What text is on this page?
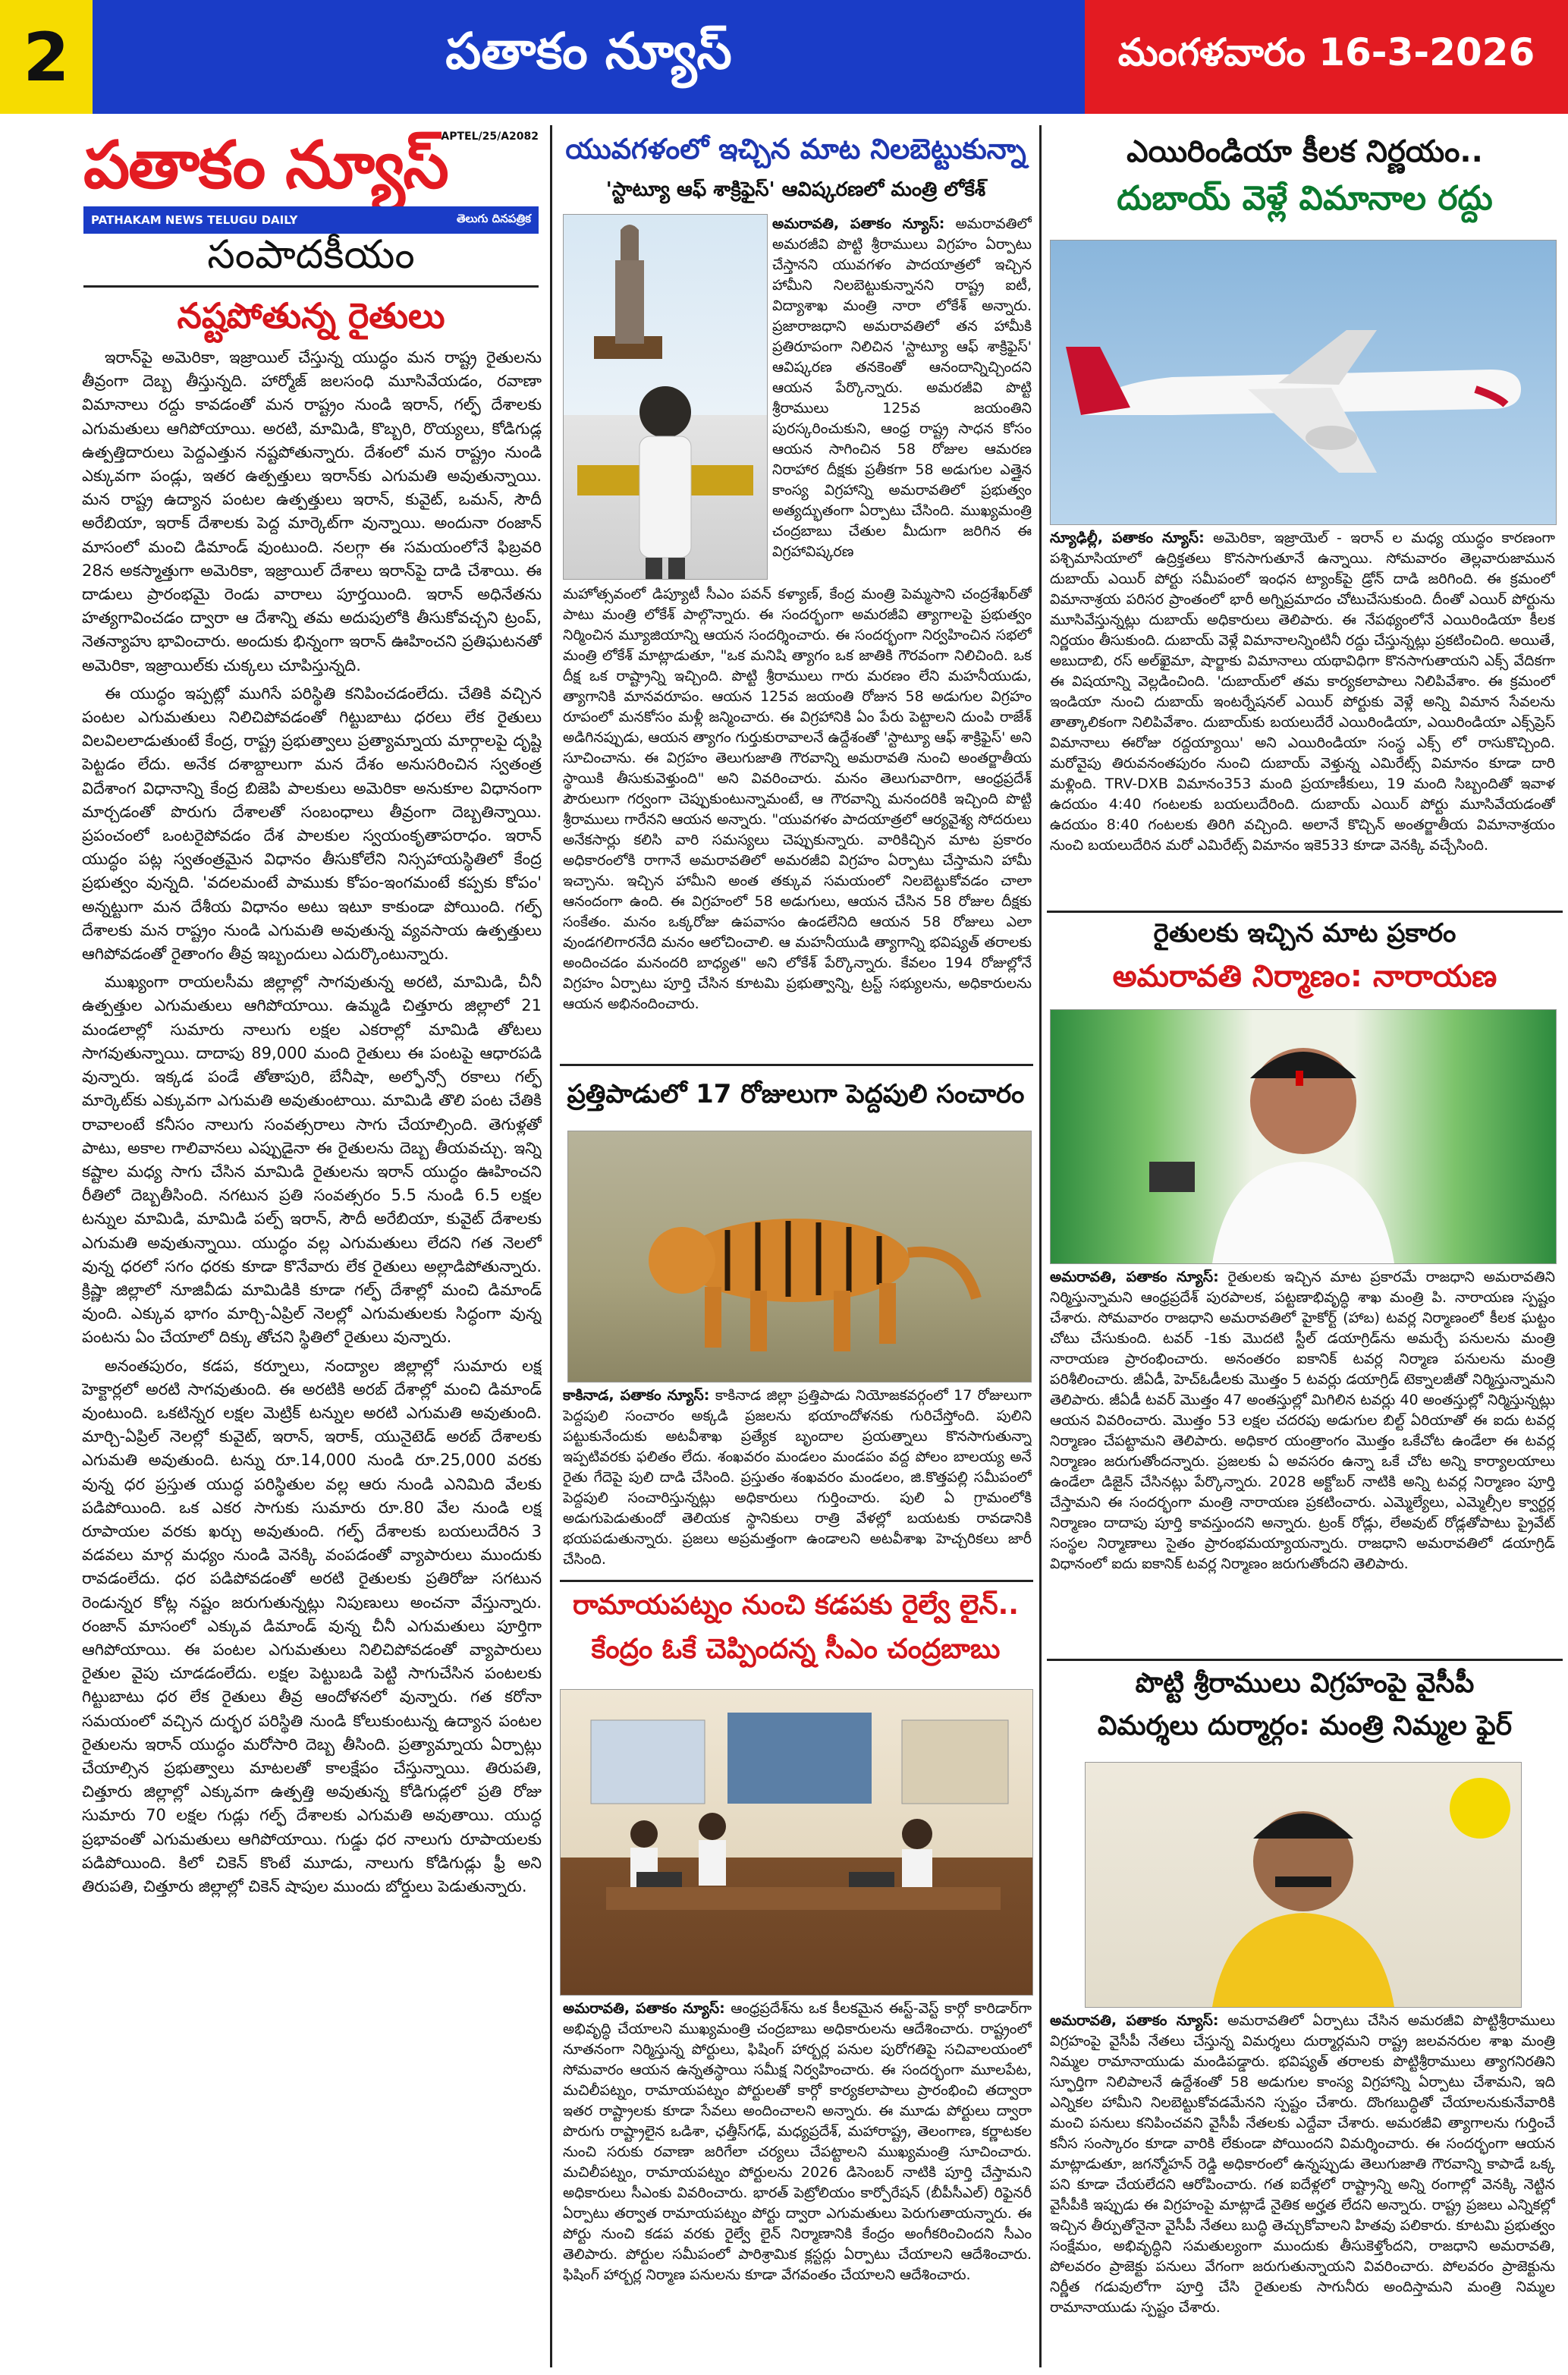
2	పతాకం న్యూస్	మంగళవారం 16-3-2026
పతాకం న్యూస్
APTEL/25/A2082
PATHAKAM NEWS TELUGU DAILY	తెలుగు దినపత్రిక
సంపాదకీయం
నష్టపోతున్న రైతులు

ఇరాన్‌పై అమెరికా, ఇజ్రాయిల్ చేస్తున్న యుద్ధం మన రాష్ట్ర రైతులను తీవ్రంగా దెబ్బ తీస్తున్నది. హార్మోజ్ జలసంధి మూసివేయడం, రవాణా విమానాలు రద్దు కావడంతో మన రాష్ట్రం నుండి ఇరాన్, గల్ఫ్ దేశాలకు ఎగుమతులు ఆగిపోయాయి. అరటి, మామిడి, కొబ్బరి, రొయ్యలు, కోడిగుడ్ల ఉత్పత్తిదారులు పెద్దఎత్తున నష్టపోతున్నారు. దేశంలో మన రాష్ట్రం నుండి ఎక్కువగా పండ్లు, ఇతర ఉత్పత్తులు ఇరాన్‌కు ఎగుమతి అవుతున్నాయి. మన రాష్ట్ర ఉద్యాన పంటల ఉత్పత్తులు ఇరాన్, కువైట్, ఒమన్, సౌదీ అరేబియా, ఇరాక్ దేశాలకు పెద్ద మార్కెట్‌గా వున్నాయి. అందునా రంజాన్ మాసంలో మంచి డిమాండ్ వుంటుంది. నలగ్గా ఈ సమయంలోనే ఫిబ్రవరి 28న అకస్మాత్తుగా అమెరికా, ఇజ్రాయిల్ దేశాలు ఇరాన్‌పై దాడి చేశాయి. ఈ దాడులు ప్రారంభమై రెండు వారాలు పూర్తయింది. ఇరాన్ అధినేతను హత్యగావించడం ద్వారా ఆ దేశాన్ని తమ అదుపులోకి తీసుకోవచ్చని ట్రంప్, నెతన్యాహు భావించారు. అందుకు భిన్నంగా ఇరాన్ ఊహించని ప్రతిఘటనతో అమెరికా, ఇజ్రాయిల్‌కు చుక్కలు చూపిస్తున్నది.

ఈ యుద్ధం ఇప్పట్లో ముగిసే పరిస్థితి కనిపించడంలేదు. చేతికి వచ్చిన పంటల ఎగుమతులు నిలిచిపోవడంతో గిట్టుబాటు ధరలు లేక రైతులు విలవిలలాడుతుంటే కేంద్ర, రాష్ట్ర ప్రభుత్వాలు ప్రత్యామ్నాయ మార్గాలపై దృష్టి పెట్టడం లేదు. అనేక దశాబ్దాలుగా మన దేశం అనుసరించిన స్వతంత్ర విదేశాంగ విధానాన్ని కేంద్ర బిజెపి పాలకులు అమెరికా అనుకూల విధానంగా మార్చడంతో పొరుగు దేశాలతో సంబంధాలు తీవ్రంగా దెబ్బతిన్నాయి. ప్రపంచంలో ఒంటరైపోవడం దేశ పాలకుల స్వయంకృతాపరాధం. ఇరాన్ యుద్ధం పట్ల స్వతంత్రమైన విధానం తీసుకోలేని నిస్సహాయస్థితిలో కేంద్ర ప్రభుత్వం వున్నది. 'వదలమంటే పాముకు కోపం-ఇంగమంటే కప్పకు కోపం' అన్నట్టుగా మన దేశీయ విధానం అటు ఇటూ కాకుండా పోయింది. గల్ఫ్ దేశాలకు మన రాష్ట్రం నుండి ఎగుమతి అవుతున్న వ్యవసాయ ఉత్పత్తులు ఆగిపోవడంతో రైతాంగం తీవ్ర ఇబ్బందులు ఎదుర్కొంటున్నారు.

ముఖ్యంగా రాయలసీమ జిల్లాల్లో సాగవుతున్న అరటి, మామిడి, చీనీ ఉత్పత్తుల ఎగుమతులు ఆగిపోయాయి. ఉమ్మడి చిత్తూరు జిల్లాలో 21 మండలాల్లో సుమారు నాలుగు లక్షల ఎకరాల్లో మామిడి తోటలు సాగవుతున్నాయి. దాదాపు 89,000 మంది రైతులు ఈ పంటపై ఆధారపడి వున్నారు. ఇక్కడ పండే తోతాపురి, బేనీషా, అల్ఫోన్సో రకాలు గల్ఫ్ మార్కెట్‌కు ఎక్కువగా ఎగుమతి అవుతుంటాయి. మామిడి తొలి పంట చేతికి రావాలంటే కనీసం నాలుగు సంవత్సరాలు సాగు చేయాల్సింది. తెగుళ్లతో పాటు, అకాల గాలివానలు ఎప్పుడైనా ఈ రైతులను దెబ్బ తీయవచ్చు. ఇన్ని కష్టాల మధ్య సాగు చేసిన మామిడి రైతులను ఇరాన్ యుద్ధం ఊహించని రీతిలో దెబ్బతీసింది. నగటున ప్రతి సంవత్సరం 5.5 నుండి 6.5 లక్షల టన్నుల మామిడి, మామిడి పల్ప్ ఇరాన్, సౌదీ అరేబియా, కువైట్ దేశాలకు ఎగుమతి అవుతున్నాయి. యుద్ధం వల్ల ఎగుమతులు లేదని గత నెలలో వున్న ధరలో సగం ధరకు కూడా కొనేవారు లేక రైతులు అల్లాడిపోతున్నారు. క్రిష్ణా జిల్లాలో నూజివీడు మామిడికి కూడా గల్ఫ్ దేశాల్లో మంచి డిమాండ్ వుంది. ఎక్కువ భాగం మార్చి-ఏప్రిల్ నెలల్లో ఎగుమతులకు సిద్ధంగా వున్న పంటను ఏం చేయాలో దిక్కు తోచని స్థితిలో రైతులు వున్నారు.

అనంతపురం, కడప, కర్నూలు, నంద్యాల జిల్లాల్లో సుమారు లక్ష హెక్టార్లలో అరటి సాగవుతుంది. ఈ అరటికి అరబ్ దేశాల్లో మంచి డిమాండ్ వుంటుంది. ఒకటిన్నర లక్షల మెట్రిక్ టన్నుల అరటి ఎగుమతి అవుతుంది. మార్చి-ఏప్రిల్ నెలల్లో కువైట్, ఇరాన్, ఇరాక్, యునైటెడ్ అరబ్ దేశాలకు ఎగుమతి అవుతుంది. టన్ను రూ.14,000 నుండి రూ.25,000 వరకు వున్న ధర ప్రస్తుత యుద్ధ పరిస్థితుల వల్ల ఆరు నుండి ఎనిమిది వేలకు పడిపోయింది. ఒక ఎకర సాగుకు సుమారు రూ.80 వేల నుండి లక్ష రూపాయల వరకు ఖర్చు అవుతుంది. గల్ఫ్ దేశాలకు బయలుదేరిన 3 వడవలు మార్గ మధ్యం నుండి వెనక్కి వంపడంతో వ్యాపారులు ముందుకు రావడంలేదు. ధర పడిపోవడంతో అరటి రైతులకు ప్రతిరోజు సగటున రెండున్నర కోట్ల నష్టం జరుగుతున్నట్లు నిపుణులు అంచనా వేస్తున్నారు. రంజాన్ మాసంలో ఎక్కువ డిమాండ్ వున్న చీనీ ఎగుమతులు పూర్తిగా ఆగిపోయాయి. ఈ పంటల ఎగుమతులు నిలిచిపోవడంతో వ్యాపారులు రైతుల వైపు చూడడంలేదు. లక్షల పెట్టుబడి పెట్టి సాగుచేసిన పంటలకు గిట్టుబాటు ధర లేక రైతులు తీవ్ర ఆందోళనలో వున్నారు. గత కరోనా సమయంలో వచ్చిన దుర్భర పరిస్థితి నుండి కోలుకుంటున్న ఉద్యాన పంటల రైతులను ఇరాన్ యుద్ధం మరోసారి దెబ్బ తీసింది. ప్రత్యామ్నాయ ఏర్పాట్లు చేయాల్సిన ప్రభుత్వాలు మాటలతో కాలక్షేపం చేస్తున్నాయి. తిరుపతి, చిత్తూరు జిల్లాల్లో ఎక్కువగా ఉత్పత్తి అవుతున్న కోడిగుడ్లలో ప్రతి రోజు సుమారు 70 లక్షల గుడ్లు గల్ఫ్ దేశాలకు ఎగుమతి అవుతాయి. యుద్ధ ప్రభావంతో ఎగుమతులు ఆగిపోయాయి. గుడ్డు ధర నాలుగు రూపాయలకు పడిపోయింది. కిలో చికెన్ కొంటే మూడు, నాలుగు కోడిగుడ్లు ఫ్రీ అని తిరుపతి, చిత్తూరు జిల్లాల్లో చికెన్ షాపుల ముందు బోర్డులు పెడుతున్నారు.

యువగళంలో ఇచ్చిన మాట నిలబెట్టుకున్నా
'స్టాట్యూ ఆఫ్ శాక్రిఫైస్' ఆవిష్కరణలో మంత్రి లోకేశ్
అమరావతి, పతాకం న్యూస్: అమరావతిలో అమరజీవి పొట్టి శ్రీరాములు విగ్రహం ఏర్పాటు చేస్తానని యువగళం పాదయాత్రలో ఇచ్చిన హామీని నిలబెట్టుకున్నానని రాష్ట్ర ఐటీ, విద్యాశాఖ మంత్రి నారా లోకేశ్ అన్నారు. ప్రజారాజధాని అమరావతిలో తన హామీకి ప్రతిరూపంగా నిలిచిన 'స్టాట్యూ ఆఫ్ శాక్రిఫైస్' ఆవిష్కరణ తనకెంతో ఆనందాన్నిచ్చిందని ఆయన పేర్కొన్నారు. అమరజీవి పొట్టి శ్రీరాములు 125వ జయంతిని పురస్కరించుకుని, ఆంధ్ర రాష్ట్ర సాధన కోసం ఆయన సాగించిన 58 రోజుల ఆమరణ నిరాహార దీక్షకు ప్రతీకగా 58 అడుగుల ఎత్తైన కాంస్య విగ్రహాన్ని అమరావతిలో ప్రభుత్వం అత్యద్భుతంగా ఏర్పాటు చేసింది. ముఖ్యమంత్రి చంద్రబాబు చేతుల మీదుగా జరిగిన ఈ విగ్రహావిష్కరణ
మహోత్సవంలో డిప్యూటీ సీఎం పవన్ కళ్యాణ్, కేంద్ర మంత్రి పెమ్మసాని చంద్రశేఖర్‌తో పాటు మంత్రి లోకేశ్ పాల్గొన్నారు. ఈ సందర్భంగా అమరజీవి త్యాగాలపై ప్రభుత్వం నిర్మించిన మ్యూజియాన్ని ఆయన సందర్శించారు. ఈ సందర్భంగా నిర్వహించిన సభలో మంత్రి లోకేశ్ మాట్లాడుతూ, "ఒక మనిషి త్యాగం ఒక జాతికి గౌరవంగా నిలిచింది. ఒక దీక్ష ఒక రాష్ట్రాన్ని ఇచ్చింది. పొట్టి శ్రీరాములు గారు మరణం లేని మహనీయుడు, త్యాగానికి మానవరూపం. ఆయన 125వ జయంతి రోజున 58 అడుగుల విగ్రహం రూపంలో మనకోసం మళ్లీ జన్మించారు. ఈ విగ్రహానికి ఏం పేరు పెట్టాలని దుంపి రాజేశ్ అడిగినప్పుడు, ఆయన త్యాగం గుర్తుకురావాలనే ఉద్దేశంతో 'స్టాట్యూ ఆఫ్ శాక్రిఫైస్' అని సూచించాను. ఈ విగ్రహం తెలుగుజాతి గౌరవాన్ని అమరావతి నుంచి అంతర్జాతీయ స్థాయికి తీసుకువెళ్తుంది" అని వివరించారు. మనం తెలుగువారిగా, ఆంధ్రప్రదేశ్ పౌరులుగా గర్వంగా చెప్పుకుంటున్నామంటే, ఆ గౌరవాన్ని మనందరికి ఇచ్చింది పొట్టి శ్రీరాములు గారేనని ఆయన అన్నారు. "యువగళం పాదయాత్రలో ఆర్యవైశ్య సోదరులు అనేకసార్లు కలిసి వారి సమస్యలు చెప్పుకున్నారు. వారికిచ్చిన మాట ప్రకారం అధికారంలోకి రాగానే అమరావతిలో అమరజీవి విగ్రహం ఏర్పాటు చేస్తామని హామీ ఇచ్చాను. ఇచ్చిన హామీని అంత తక్కువ సమయంలో నిలబెట్టుకోవడం చాలా ఆనందంగా ఉంది. ఈ విగ్రహంలో 58 అడుగులు, ఆయన చేసిన 58 రోజుల దీక్షకు సంకేతం. మనం ఒక్కరోజు ఉపవాసం ఉండలేనిది ఆయన 58 రోజులు ఎలా వుండగలిగారనేది మనం ఆలోచించాలి. ఆ మహనీయుడి త్యాగాన్ని భవిష్యత్ తరాలకు అందించడం మనందరి బాధ్యత" అని లోకేశ్ పేర్కొన్నారు. కేవలం 194 రోజుల్లోనే విగ్రహం ఏర్పాటు పూర్తి చేసిన కూటమి ప్రభుత్వాన్ని, ట్రస్ట్ సభ్యులను, అధికారులను ఆయన అభినందించారు.
ప్రత్తిపాడులో 17 రోజులుగా పెద్దపులి సంచారం
కాకినాడ, పతాకం న్యూస్: కాకినాడ జిల్లా ప్రత్తిపాడు నియోజకవర్గంలో 17 రోజులుగా పెద్దపులి సంచారం అక్కడి ప్రజలను భయాందోళనకు గురిచేస్తోంది. పులిని పట్టుకునేందుకు అటవీశాఖ ప్రత్యేక బృందాల ప్రయత్నాలు కొనసాగుతున్నా ఇప్పటివరకు ఫలితం లేదు. శంఖవరం మండలం మండపం వద్ద పోలం బాలయ్య అనే రైతు గేదెపై పులి దాడి చేసింది. ప్రస్తుతం శంఖవరం మండలం, జి.కొత్తపల్లి సమీపంలో పెద్దపులి సంచారిస్తున్నట్లు అధికారులు గుర్తించారు. పులి ఏ గ్రామంలోకి అడుగుపెడుతుందో తెలియక స్థానికులు రాత్రి వేళల్లో బయటకు రావడానికి భయపడుతున్నారు. ప్రజలు అప్రమత్తంగా ఉండాలని అటవీశాఖ హెచ్చరికలు జారీ చేసింది.
రామాయపట్నం నుంచి కడపకు రైల్వే లైన్..
కేంద్రం ఓకే చెప్పిందన్న సీఎం చంద్రబాబు
అమరావతి, పతాకం న్యూస్: ఆంధ్రప్రదేశ్‌ను ఒక కీలకమైన ఈస్ట్-వెస్ట్ కార్గో కారిడార్‌గా అభివృద్ధి చేయాలని ముఖ్యమంత్రి చంద్రబాబు అధికారులను ఆదేశించారు. రాష్ట్రంలో నూతనంగా నిర్మిస్తున్న పోర్టులు, ఫిషింగ్ హార్బర్ల పనుల పురోగతిపై సచివాలయంలో సోమవారం ఆయన ఉన్నతస్థాయి సమీక్ష నిర్వహించారు. ఈ సందర్భంగా మూలపేట, మచిలీపట్నం, రామాయపట్నం పోర్టులతో కార్గో కార్యకలాపాలు ప్రారంభించి తద్వారా ఇతర రాష్ట్రాలకు కూడా సేవలు అందించాలని అన్నారు. ఈ మూడు పోర్టులు ద్వారా పొరుగు రాష్ట్రాలైన ఒడిశా, ఛత్తీస్‌గఢ్, మధ్యప్రదేశ్, మహారాష్ట్ర, తెలంగాణ, కర్ణాటకల నుంచి సరుకు రవాణా జరిగేలా చర్యలు చేపట్టాలని ముఖ్యమంత్రి సూచించారు. మచిలీపట్నం, రామాయపట్నం పోర్టులను 2026 డిసెంబర్ నాటికి పూర్తి చేస్తామని అధికారులు సీఎంకు వివరించారు. భారత్ పెట్రోలియం కార్పోరేషన్ (బీపీసీఎల్) రిఫైనరీ ఏర్పాటు తర్వాత రామాయపట్నం పోర్టు ద్వారా ఎగుమతులు పెరుగుతాయన్నారు. ఈ పోర్టు నుంచి కడప వరకు రైల్వే లైన్ నిర్మాణానికి కేంద్రం అంగీకరించిందని సీఎం తెలిపారు. పోర్టుల సమీపంలో పారిశ్రామిక క్లస్టర్లు ఏర్పాటు చేయాలని ఆదేశించారు. ఫిషింగ్ హార్బర్ల నిర్మాణ పనులను కూడా వేగవంతం చేయాలని ఆదేశించారు.
ఎయిరిండియా కీలక నిర్ణయం..
దుబాయ్ వెళ్లే విమానాల రద్దు
న్యూఢిల్లీ, పతాకం న్యూస్: అమెరికా, ఇజ్రాయెల్ - ఇరాన్ ల మధ్య యుద్ధం కారణంగా పశ్చిమాసియాలో ఉద్రిక్తతలు కొనసాగుతూనే ఉన్నాయి. సోమవారం తెల్లవారుజామున దుబాయ్ ఎయిర్ పోర్టు సమీపంలో ఇంధన ట్యాంక్‌పై డ్రోన్ దాడి జరిగింది. ఈ క్రమంలో విమానాశ్రయ పరిసర ప్రాంతంలో భారీ అగ్నిప్రమాదం చోటుచేసుకుంది. దీంతో ఎయిర్ పోర్టును మూసివేస్తున్నట్లు దుబాయ్ అధికారులు తెలిపారు. ఈ నేపథ్యంలోనే ఎయిరిండియా కీలక నిర్ణయం తీసుకుంది. దుబాయ్ వెళ్లే విమానాలన్నింటినీ రద్దు చేస్తున్నట్లు ప్రకటించింది. అయితే, అబుదాబి, రస్ అల్‌ఖైమా, షార్జాకు విమానాలు యథావిధిగా కొనసాగుతాయని ఎక్స్ వేదికగా ఈ విషయాన్ని వెల్లడించింది. 'దుబాయ్‌లో తమ కార్యకలాపాలు నిలిపివేశాం. ఈ క్రమంలో ఇండియా నుంచి దుబాయ్ ఇంటర్నేషనల్ ఎయిర్ పోర్టుకు వెళ్లే అన్ని విమాన సేవలను తాత్కాలికంగా నిలిపివేశాం. దుబాయ్‌కు బయలుదేరే ఎయిరిండియా, ఎయిరిండియా ఎక్స్‌ప్రెస్ విమానాలు ఈరోజు రద్దయ్యాయి' అని ఎయిరిండియా సంస్థ ఎక్స్ లో రాసుకొచ్చింది. మరోవైపు తిరువనంతపురం నుంచి దుబాయ్ వెళ్తున్న ఎమిరేట్స్ విమానం కూడా దారి మళ్లింది. TRV-DXB విమానం353 మంది ప్రయాణీకులు, 19 మంది సిబ్బందితో ఇవాళ ఉదయం 4:40 గంటలకు బయలుదేరింది. దుబాయ్ ఎయిర్ పోర్టు మూసివేయడంతో ఉదయం 8:40 గంటలకు తిరిగి వచ్చింది. అలానే కొచ్చిన్ అంతర్జాతీయ విమానాశ్రయం నుంచి బయలుదేరిన మరో ఎమిరేట్స్ విమానం ఇకె533 కూడా వెనక్కి వచ్చేసింది.
రైతులకు ఇచ్చిన మాట ప్రకారం
అమరావతి నిర్మాణం: నారాయణ
అమరావతి, పతాకం న్యూస్: రైతులకు ఇచ్చిన మాట ప్రకారమే రాజధాని అమరావతిని నిర్మిస్తున్నామని ఆంధ్రప్రదేశ్ పురపాలక, పట్టణాభివృద్ధి శాఖ మంత్రి పి. నారాయణ స్పష్టం చేశారు. సోమవారం రాజధాని అమరావతిలో హైకోర్ట్ (హాబ) టవర్ల నిర్మాణంలో కీలక ఘట్టం చోటు చేసుకుంది. టవర్ -1కు మొదటి స్టీల్ డయాగ్రిడ్‌ను అమర్చే పనులను మంత్రి నారాయణ ప్రారంభించారు. అనంతరం ఐకానిక్ టవర్ల నిర్మాణ పనులను మంత్రి పరిశీలించారు. జీఏడీ, హెచ్‌ఓడీలకు మొత్తం 5 టవర్లు డయాగ్రిడ్ టెక్నాలజీతో నిర్మిస్తున్నామని తెలిపారు. జీఏడీ టవర్ మొత్తం 47 అంతస్తుల్లో మిగిలిన టవర్లు 40 అంతస్తుల్లో నిర్మిస్తున్నట్లు ఆయన వివరించారు. మొత్తం 53 లక్షల చదరపు అడుగుల బిల్ట్ ఏరియాతో ఈ ఐదు టవర్ల నిర్మాణం చేపట్టామని తెలిపారు. అధికార యంత్రాంగం మొత్తం ఒకేచోట ఉండేలా ఈ టవర్ల నిర్మాణం జరుగుతోందన్నారు. ప్రజలకు ఏ అవసరం ఉన్నా ఒకే చోట అన్ని కార్యాలయాలు ఉండేలా డిజైన్ చేసినట్లు పేర్కొన్నారు. 2028 అక్టోబర్ నాటికి అన్ని టవర్ల నిర్మాణం పూర్తి చేస్తామని ఈ సందర్భంగా మంత్రి నారాయణ ప్రకటించారు. ఎమ్మెల్యేలు, ఎమ్మెల్సీల క్వార్టర్ల నిర్మాణం దాదాపు పూర్తి కావస్తుందని అన్నారు. ట్రంక్ రోడ్లు, లేఅవుట్ రోడ్లతోపాటు ప్రైవేట్ సంస్థల నిర్మాణాలు సైతం ప్రారంభమయ్యాయన్నారు. రాజధాని అమరావతిలో డయాగ్రిడ్ విధానంలో ఐదు ఐకానిక్ టవర్ల నిర్మాణం జరుగుతోందని తెలిపారు.
పొట్టి శ్రీరాములు విగ్రహంపై వైసీపీ
విమర్శలు దుర్మార్గం: మంత్రి నిమ్మల ఫైర్
అమరావతి, పతాకం న్యూస్: అమరావతిలో ఏర్పాటు చేసిన అమరజీవి పొట్టిశ్రీరాములు విగ్రహంపై వైసీపీ నేతలు చేస్తున్న విమర్శలు దుర్మార్గమని రాష్ట్ర జలవనరుల శాఖ మంత్రి నిమ్మల రామానాయుడు మండిపడ్డారు. భవిష్యత్ తరాలకు పొట్టిశ్రీరాములు త్యాగనిరతిని స్ఫూర్తిగా నిలిపాలనే ఉద్దేశంతో 58 అడుగుల కాంస్య విగ్రహాన్ని ఏర్పాటు చేశామని, ఇది ఎన్నికల హామీని నిలబెట్టుకోవడమేనని స్పష్టం చేశారు. దొంగబుద్ధితో చేయాలనుకునేవారికి మంచి పనులు కనిపించవని వైసీపీ నేతలకు ఎద్దేవా చేశారు. అమరజీవి త్యాగాలను గుర్తించే కనీస సంస్కారం కూడా వారికి లేకుండా పోయిందని విమర్శించారు. ఈ సందర్భంగా ఆయన మాట్లాడుతూ, జగన్మోహన్ రెడ్డి అధికారంలో ఉన్నప్పుడు తెలుగుజాతి గౌరవాన్ని కాపాడే ఒక్క పని కూడా చేయలేదని ఆరోపించారు. గత ఐదేళ్లలో రాష్ట్రాన్ని అన్ని రంగాల్లో వెనక్కి నెట్టిన వైసీపీకి ఇప్పుడు ఈ విగ్రహంపై మాట్లాడే నైతిక అర్హత లేదని అన్నారు. రాష్ట్ర ప్రజలు ఎన్నికల్లో ఇచ్చిన తీర్పుతోనైనా వైసీపీ నేతలు బుద్ధి తెచ్చుకోవాలని హితవు పలికారు. కూటమి ప్రభుత్వం సంక్షేమం, అభివృద్ధిని సమతుల్యంగా ముందుకు తీసుకెళ్తోందని, రాజధాని అమరావతి, పోలవరం ప్రాజెక్టు పనులు వేగంగా జరుగుతున్నాయని వివరించారు. పోలవరం ప్రాజెక్టును నిర్ణీత గడువులోగా పూర్తి చేసి రైతులకు సాగునీరు అందిస్తామని మంత్రి నిమ్మల రామానాయుడు స్పష్టం చేశారు.
